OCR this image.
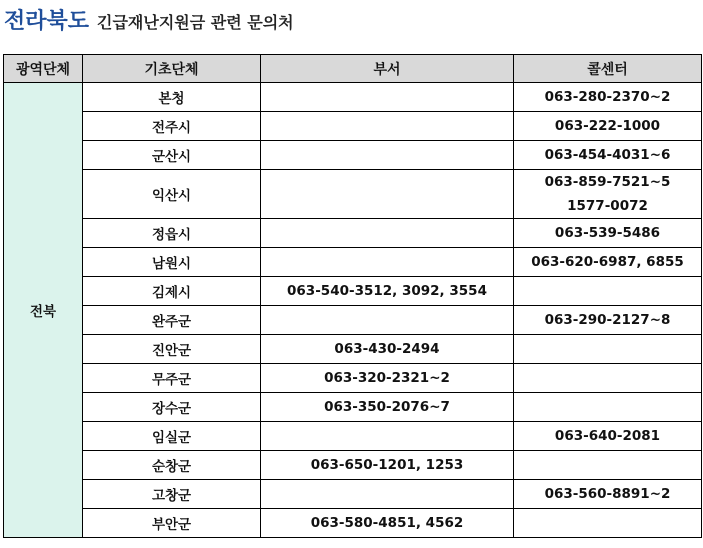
전라북도 긴급재난지원금 관련 문의처
광역단체	기초단체	부서	콜센터
전북	본청		063-280-2370~2

	전주시		063-222-1000

	군산시		063-454-4031~6

	익산시		063-859-7521~5
1577-0072

	정읍시		063-539-5486

	남원시		063-620-6987, 6855

	김제시	063-540-3512, 3092, 3554	

	완주군		063-290-2127~8

	진안군	063-430-2494	

	무주군	063-320-2321~2	

	장수군	063-350-2076~7	

	임실군		063-640-2081

	순창군	063-650-1201, 1253	

	고창군		063-560-8891~2

	부안군	063-580-4851, 4562	
